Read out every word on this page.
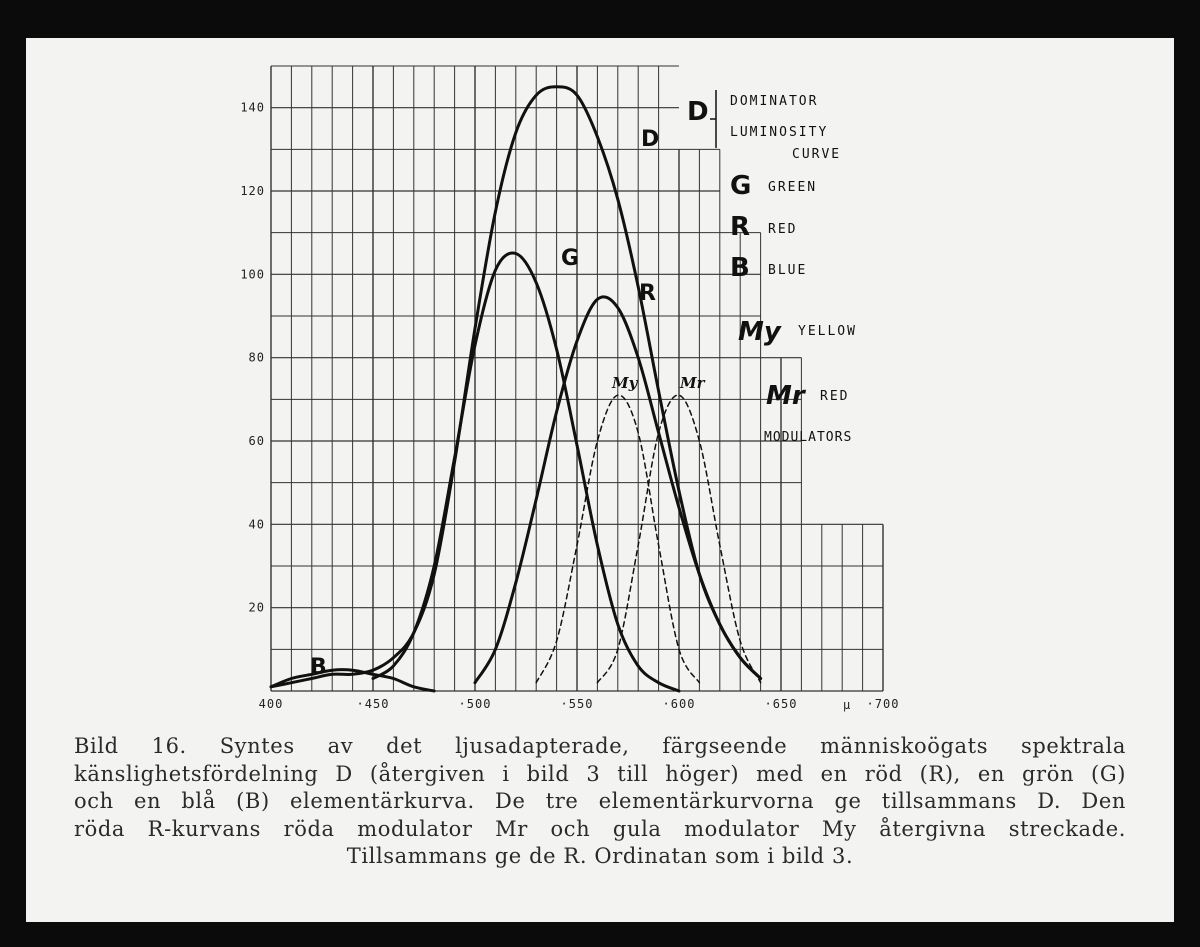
20
40
60
80
100
120
140
400	·450	·500	·550	·600	·650	·700
µ
D
G
R
B
My	Mr
D DOMINATOR
LUMINOSITY
CURVE
G GREEN
R RED
B BLUE
My YELLOW
Mr RED
MODULATORS
Bild 16. Syntes av det ljusadapterade, färgseende människoögats spektrala
känslighetsfördelning D (återgiven i bild 3 till höger) med en röd (R), en grön (G)
och en blå (B) elementärkurva. De tre elementärkurvorna ge tillsammans D. Den
röda R-kurvans röda modulator Mr och gula modulator My återgivna streckade.
Tillsammans ge de R. Ordinatan som i bild 3.
